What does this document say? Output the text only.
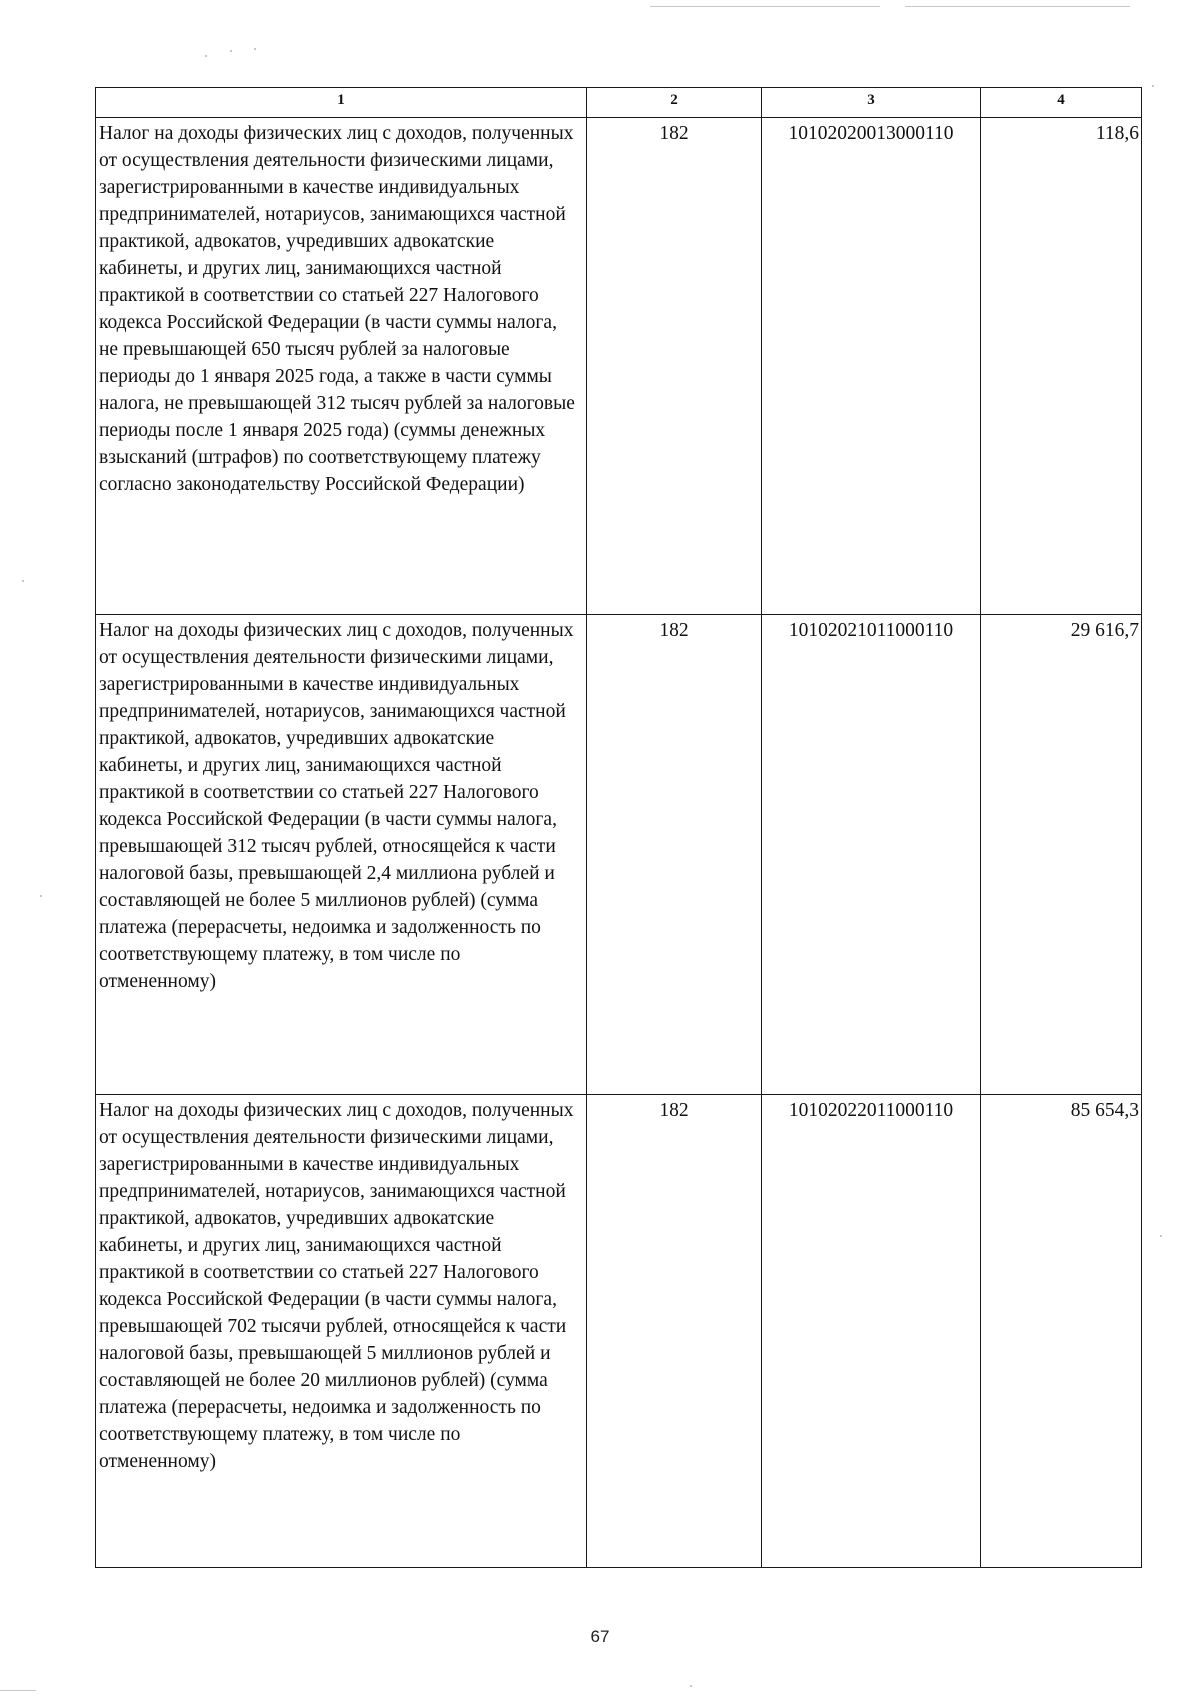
1	2	3	4
Налог на доходы физических лиц с доходов, полученных от осуществления деятельности физическими лицами, зарегистрированными в качестве индивидуальных предпринимателей, нотариусов, занимающихся частной практикой, адвокатов, учредивших адвокатские кабинеты, и других лиц, занимающихся частной практикой в соответствии со статьей 227 Налогового кодекса Российской Федерации (в части суммы налога, не превышающей 650 тысяч рублей за налоговые периоды до 1 января 2025 года, а также в части суммы налога, не превышающей 312 тысяч рублей за налоговые периоды после 1 января 2025 года) (суммы денежных взысканий (штрафов) по соответствующему платежу согласно законодательству Российской Федерации)	182	10102020013000110	118,6
Налог на доходы физических лиц с доходов, полученных от осуществления деятельности физическими лицами, зарегистрированными в качестве индивидуальных предпринимателей, нотариусов, занимающихся частной практикой, адвокатов, учредивших адвокатские кабинеты, и других лиц, занимающихся частной практикой в соответствии со статьей 227 Налогового кодекса Российской Федерации (в части суммы налога, превышающей 312 тысяч рублей, относящейся к части налоговой базы, превышающей 2,4 миллиона рублей и составляющей не более 5 миллионов рублей) (сумма платежа (перерасчеты, недоимка и задолженность по соответствующему платежу, в том числе по отмененному)	182	10102021011000110	29 616,7
Налог на доходы физических лиц с доходов, полученных от осуществления деятельности физическими лицами, зарегистрированными в качестве индивидуальных предпринимателей, нотариусов, занимающихся частной практикой, адвокатов, учредивших адвокатские кабинеты, и других лиц, занимающихся частной практикой в соответствии со статьей 227 Налогового кодекса Российской Федерации (в части суммы налога, превышающей 702 тысячи рублей, относящейся к части налоговой базы, превышающей 5 миллионов рублей и составляющей не более 20 миллионов рублей) (сумма платежа (перерасчеты, недоимка и задолженность по соответствующему платежу, в том числе по отмененному)	182	10102022011000110	85 654,3
67
